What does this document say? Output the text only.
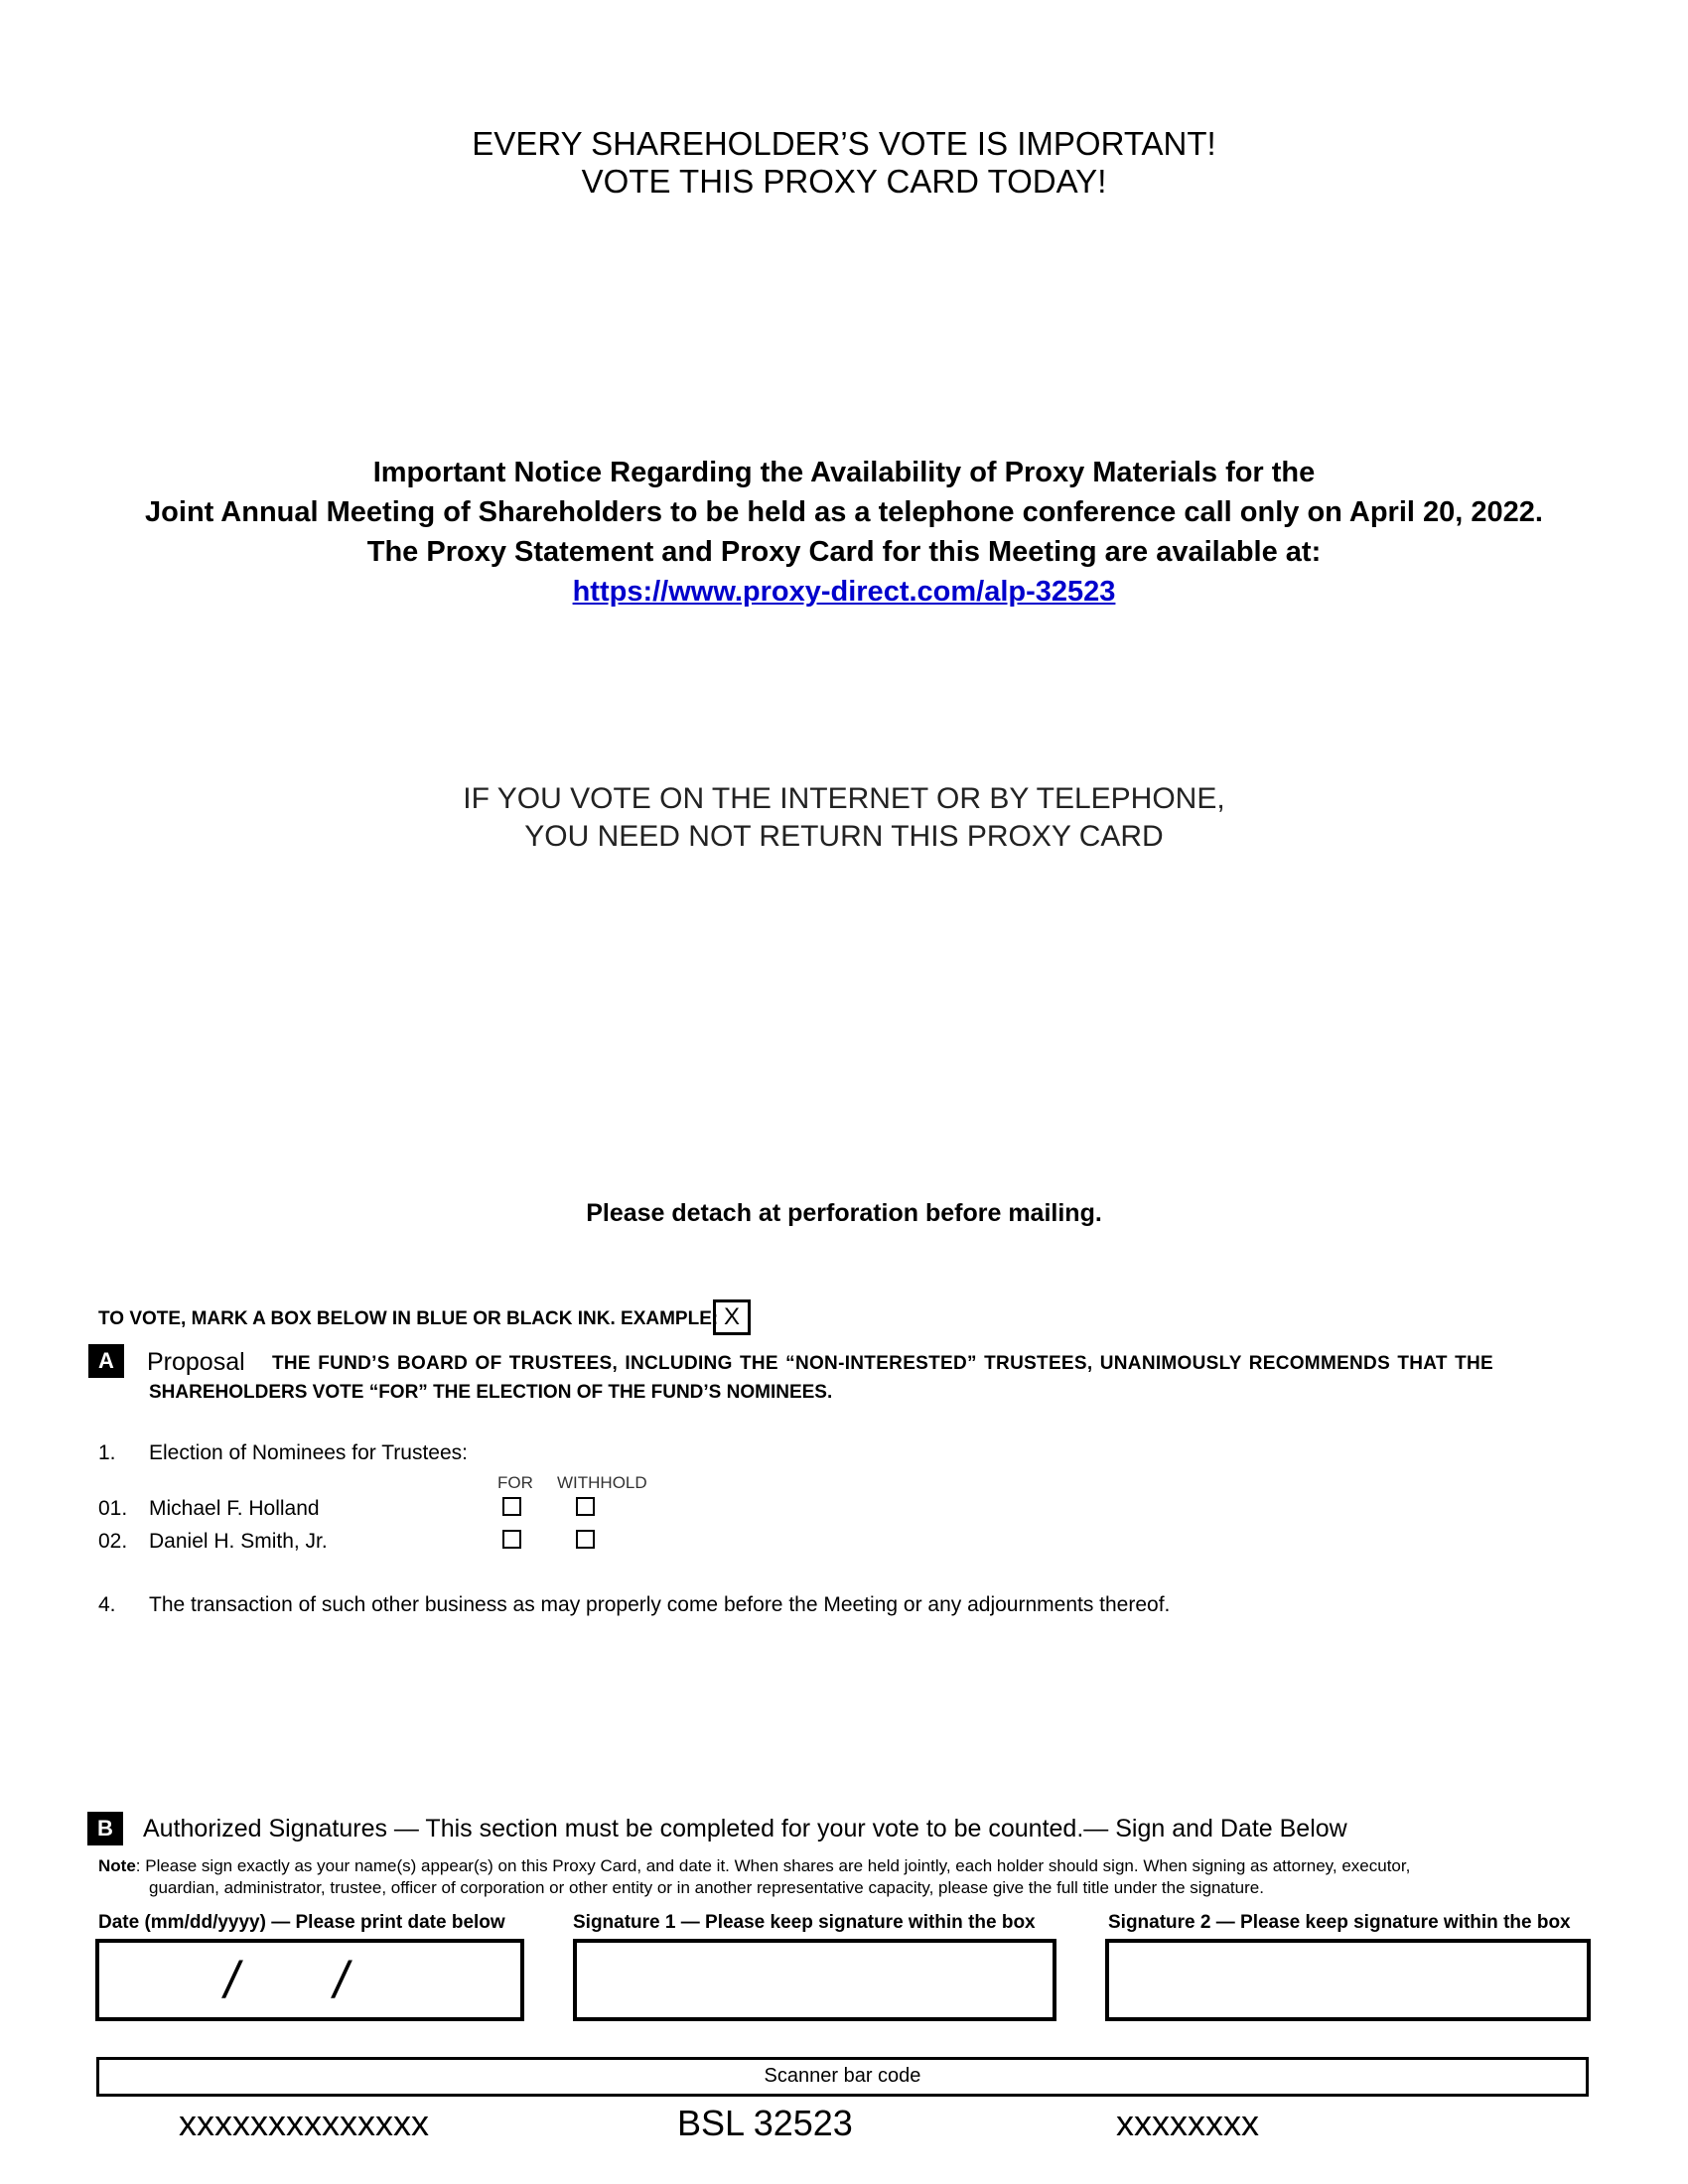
EVERY SHAREHOLDER’S VOTE IS IMPORTANT!
VOTE THIS PROXY CARD TODAY!
Important Notice Regarding the Availability of Proxy Materials for the
Joint Annual Meeting of Shareholders to be held as a telephone conference call only on April 20, 2022.
The Proxy Statement and Proxy Card for this Meeting are available at:
https://www.proxy-direct.com/alp-32523
IF YOU VOTE ON THE INTERNET OR BY TELEPHONE,
YOU NEED NOT RETURN THIS PROXY CARD
Please detach at perforation before mailing.
TO VOTE, MARK A BOX BELOW IN BLUE OR BLACK INK. EXAMPLE: X
A	Proposal THE FUND’S BOARD OF TRUSTEES, INCLUDING THE “NON-INTERESTED” TRUSTEES, UNANIMOUSLY RECOMMENDS THAT THE
SHAREHOLDERS VOTE “FOR” THE ELECTION OF THE FUND’S NOMINEES.
1. Election of Nominees for Trustees:
FOR WITHHOLD
01. Michael F. Holland
02. Daniel H. Smith, Jr.
4. The transaction of such other business as may properly come before the Meeting or any adjournments thereof.
B	Authorized Signatures — This section must be completed for your vote to be counted.— Sign and Date Below
Note: Please sign exactly as your name(s) appear(s) on this Proxy Card, and date it. When shares are held jointly, each holder should sign. When signing as attorney, executor,
guardian, administrator, trustee, officer of corporation or other entity or in another representative capacity, please give the full title under the signature.
Date (mm/dd/yyyy) — Please print date below	Signature 1 — Please keep signature within the box	Signature 2 — Please keep signature within the box
/ /
Scanner bar code
xxxxxxxxxxxxxx	BSL 32523	xxxxxxxx
